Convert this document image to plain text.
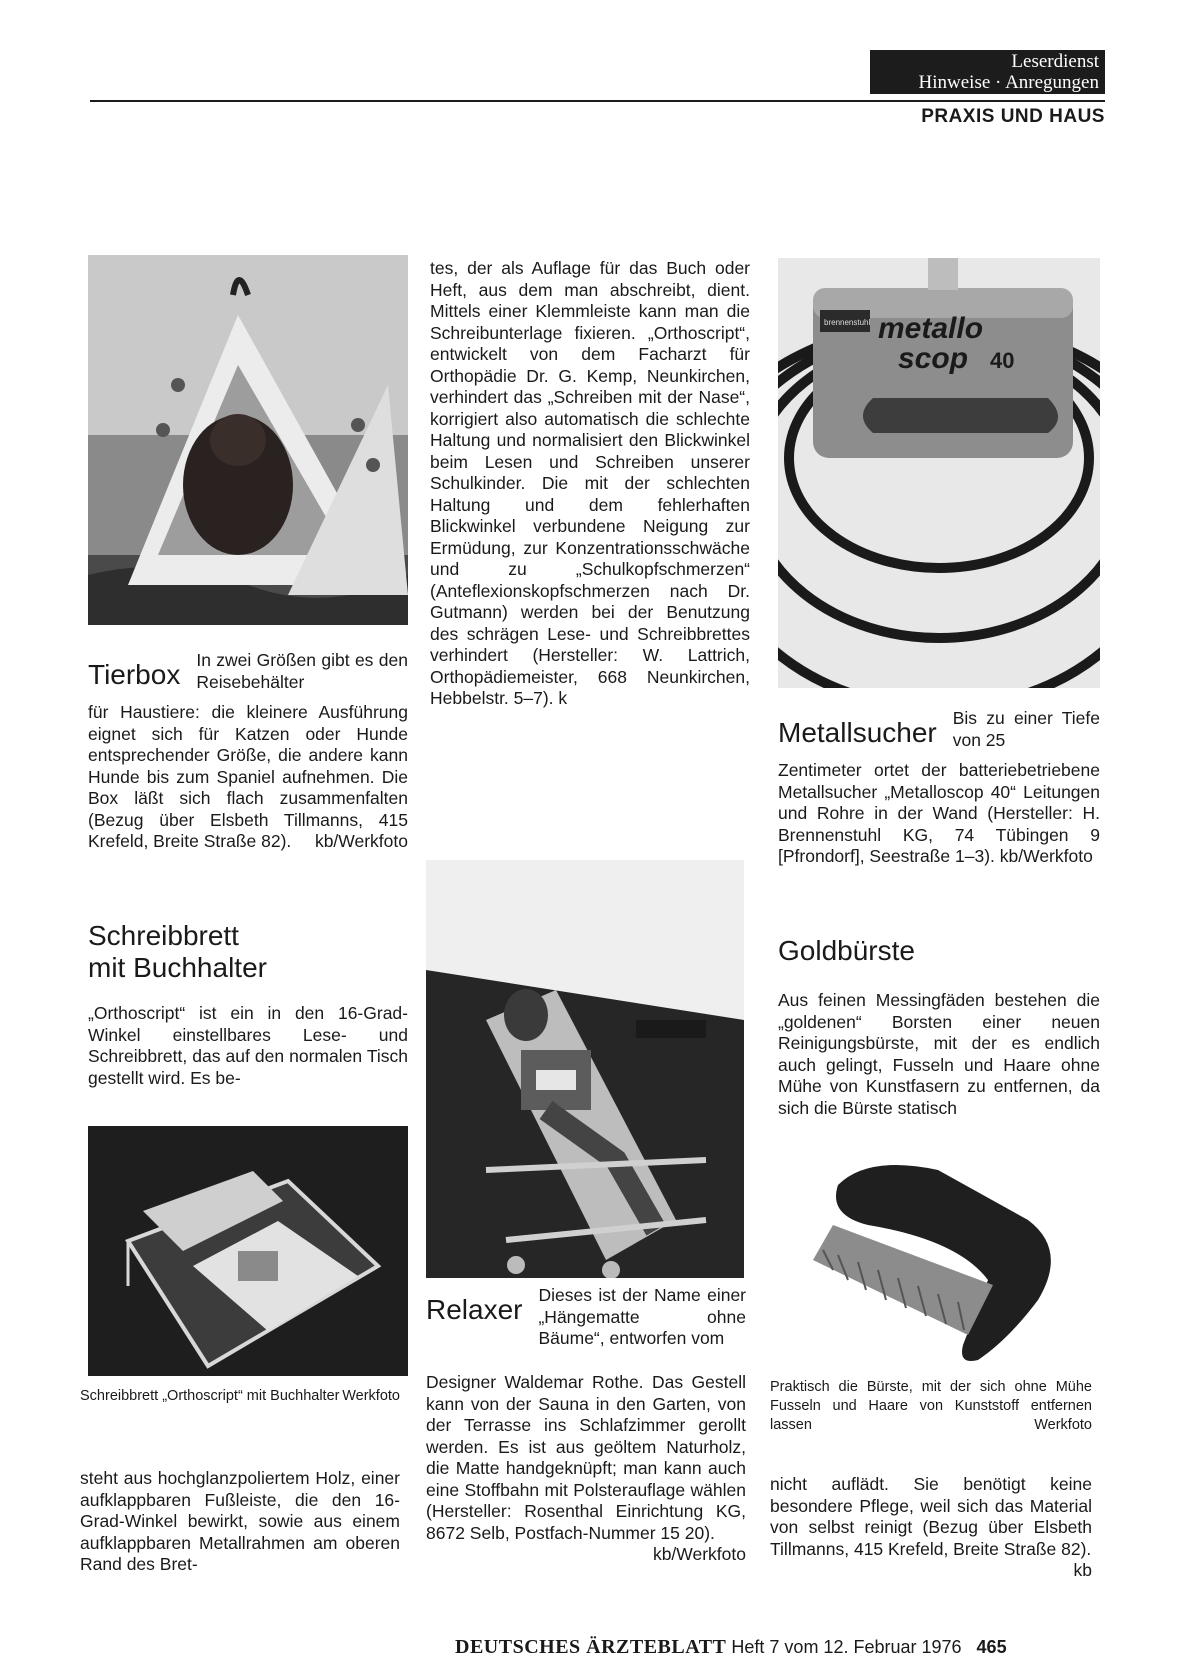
Leserdienst
Hinweise · Anregungen
PRAXIS UND HAUS
Tierbox In zwei Größen gibt es den Reisebehälter
für Haustiere: die kleinere Ausführung eignet sich für Katzen oder Hunde entsprechender Größe, die andere kann Hunde bis zum Spaniel aufnehmen. Die Box läßt sich flach zusammenfalten (Bezug über Elsbeth Tillmanns, 415 Krefeld, Breite Straße 82). kb/Werkfoto
Schreibbrett
mit Buchhalter
„Orthoscript“ ist ein in den 16-Grad-Winkel einstellbares Lese- und Schreibbrett, das auf den normalen Tisch gestellt wird. Es be-
Schreibbrett „Orthoscript“ mit Buchhalter Werkfoto
steht aus hochglanzpoliertem Holz, einer aufklappbaren Fußleiste, die den 16-Grad-Winkel bewirkt, sowie aus einem aufklappbaren Metallrahmen am oberen Rand des Bret-
tes, der als Auflage für das Buch oder Heft, aus dem man abschreibt, dient. Mittels einer Klemmleiste kann man die Schreibunterlage fixieren. „Orthoscript“, entwickelt von dem Facharzt für Orthopädie Dr. G. Kemp, Neunkirchen, verhindert das „Schreiben mit der Nase“, korrigiert also automatisch die schlechte Haltung und normalisiert den Blickwinkel beim Lesen und Schreiben unserer Schulkinder. Die mit der schlechten Haltung und dem fehlerhaften Blickwinkel verbundene Neigung zur Ermüdung, zur Konzentrationsschwäche und zu „Schulkopfschmerzen“ (Anteflexionskopfschmerzen nach Dr. Gutmann) werden bei der Benutzung des schrägen Lese- und Schreibbrettes verhindert (Hersteller: W. Lattrich, Orthopädiemeister, 668 Neunkirchen, Hebbelstr. 5–7). k
Relaxer Dieses ist der Name einer „Hängematte ohne Bäume“, entworfen vom
Designer Waldemar Rothe. Das Gestell kann von der Sauna in den Garten, von der Terrasse ins Schlafzimmer gerollt werden. Es ist aus geöltem Naturholz, die Matte handgeknüpft; man kann auch eine Stoffbahn mit Polsterauflage wählen (Hersteller: Rosenthal Einrichtung KG, 8672 Selb, Postfach-Nummer 15 20).
kb/Werkfoto
brennenstuhl metallo
scop 40
Metallsucher Bis zu einer Tiefe von 25
Zentimeter ortet der batteriebetriebene Metallsucher „Metalloscop 40“ Leitungen und Rohre in der Wand (Hersteller: H. Brennenstuhl KG, 74 Tübingen 9 [Pfrondorf], Seestraße 1–3). kb/Werkfoto
Goldbürste
Aus feinen Messingfäden bestehen die „goldenen“ Borsten einer neuen Reinigungsbürste, mit der es endlich auch gelingt, Fusseln und Haare ohne Mühe von Kunstfasern zu entfernen, da sich die Bürste statisch
Praktisch die Bürste, mit der sich ohne Mühe Fusseln und Haare von Kunststoff entfernen lassen	Werkfoto
nicht auflädt. Sie benötigt keine besondere Pflege, weil sich das Material von selbst reinigt (Bezug über Elsbeth Tillmanns, 415 Krefeld, Breite Straße 82).
kb
DEUTSCHES ÄRZTEBLATT Heft 7 vom 12. Februar 1976 465
